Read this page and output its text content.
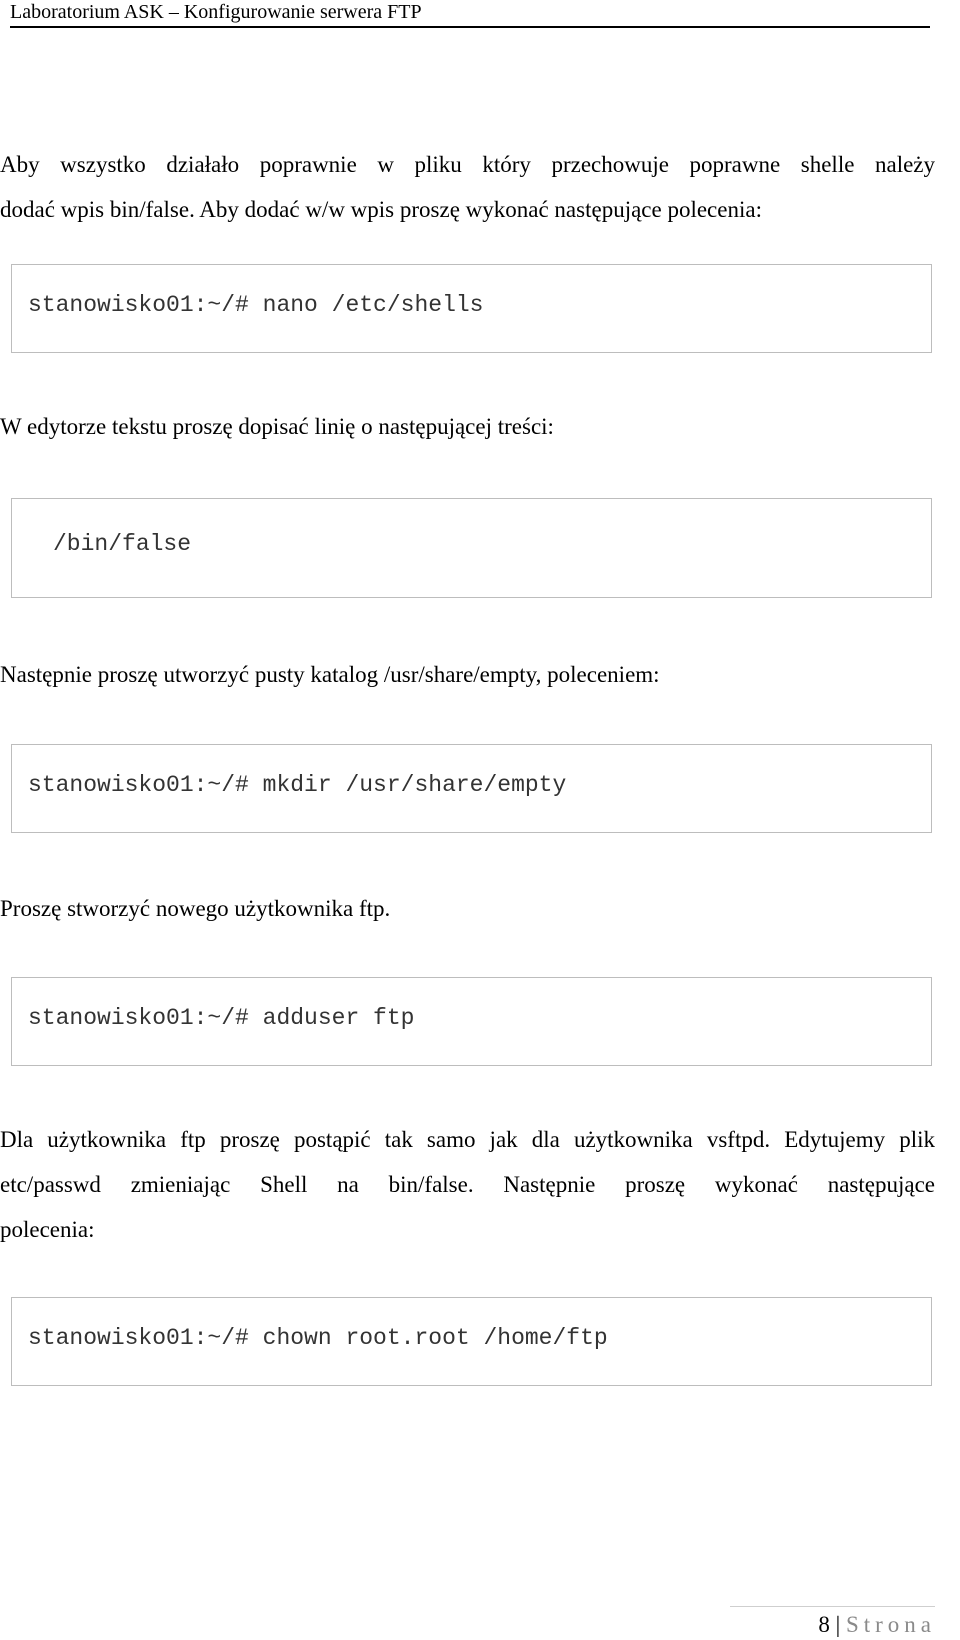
Laboratorium ASK – Konfigurowanie serwera FTP
Aby wszystko działało poprawnie w pliku który przechowuje poprawne shelle należy
dodać wpis bin/false. Aby dodać w/w wpis proszę wykonać następujące polecenia:
stanowisko01:~/# nano /etc/shells
W edytorze tekstu proszę dopisać linię o następującej treści:
/bin/false
Następnie proszę utworzyć pusty katalog /usr/share/empty, poleceniem:
stanowisko01:~/# mkdir /usr/share/empty
Proszę stworzyć nowego użytkownika ftp.
stanowisko01:~/# adduser ftp
Dla użytkownika ftp proszę postąpić tak samo jak dla użytkownika vsftpd. Edytujemy plik
etc/passwd zmieniając Shell na bin/false. Następnie proszę wykonać następujące
polecenia:
stanowisko01:~/# chown root.root /home/ftp
8 | Strona
